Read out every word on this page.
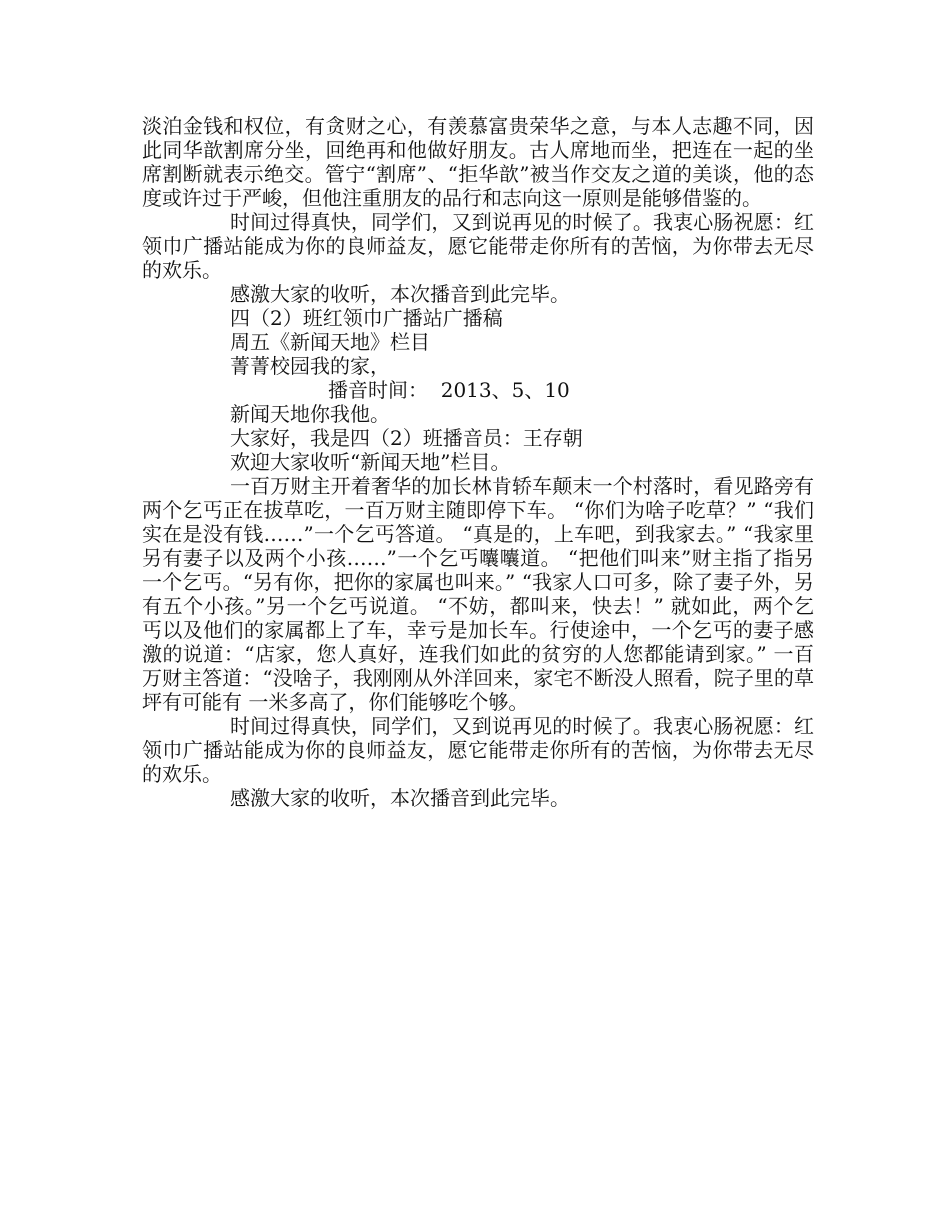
淡泊金钱和权位，有贪财之心，有羡慕富贵荣华之意，与本人志趣不同，因此同华歆割席分坐，回绝再和他做好朋友。古人席地而坐，把连在一起的坐席割断就表示绝交。管宁“割席”、“拒华歆”被当作交友之道的美谈，他的态度或许过于严峻，但他注重朋友的品行和志向这一原则是能够借鉴的。

时间过得真快，同学们，又到说再见的时候了。我衷心肠祝愿：红领巾广播站能成为你的良师益友，愿它能带走你所有的苦恼，为你带去无尽的欢乐。

感激大家的收听，本次播音到此完毕。

四（2）班红领巾广播站广播稿

周五《新闻天地》栏目

菁菁校园我的家，

播音时间：  2013、5、10

新闻天地你我他。

大家好，我是四（2）班播音员：王存朝

欢迎大家收听“新闻天地”栏目。

一百万财主开着奢华的加长林肯轿车颠末一个村落时，看见路旁有两个乞丐正在拔草吃，一百万财主随即停下车。 “你们为啥子吃草？” “我们实在是没有钱……”一个乞丐答道。 “真是的，上车吧，到我家去。” “我家里另有妻子以及两个小孩……”一个乞丐囔囔道。 “把他们叫来”财主指了指另一个乞丐。“另有你，把你的家属也叫来。” “我家人口可多，除了妻子外，另有五个小孩。”另一个乞丐说道。 “不妨，都叫来，快去！” 就如此，两个乞丐以及他们的家属都上了车，幸亏是加长车。行使途中，一个乞丐的妻子感激的说道：“店家，您人真好，连我们如此的贫穷的人您都能请到家。” 一百万财主答道：“没啥子，我刚刚从外洋回来，家宅不断没人照看，院子里的草坪有可能有 一米多高了，你们能够吃个够。

时间过得真快，同学们，又到说再见的时候了。我衷心肠祝愿：红领巾广播站能成为你的良师益友，愿它能带走你所有的苦恼，为你带去无尽的欢乐。

感激大家的收听，本次播音到此完毕。
